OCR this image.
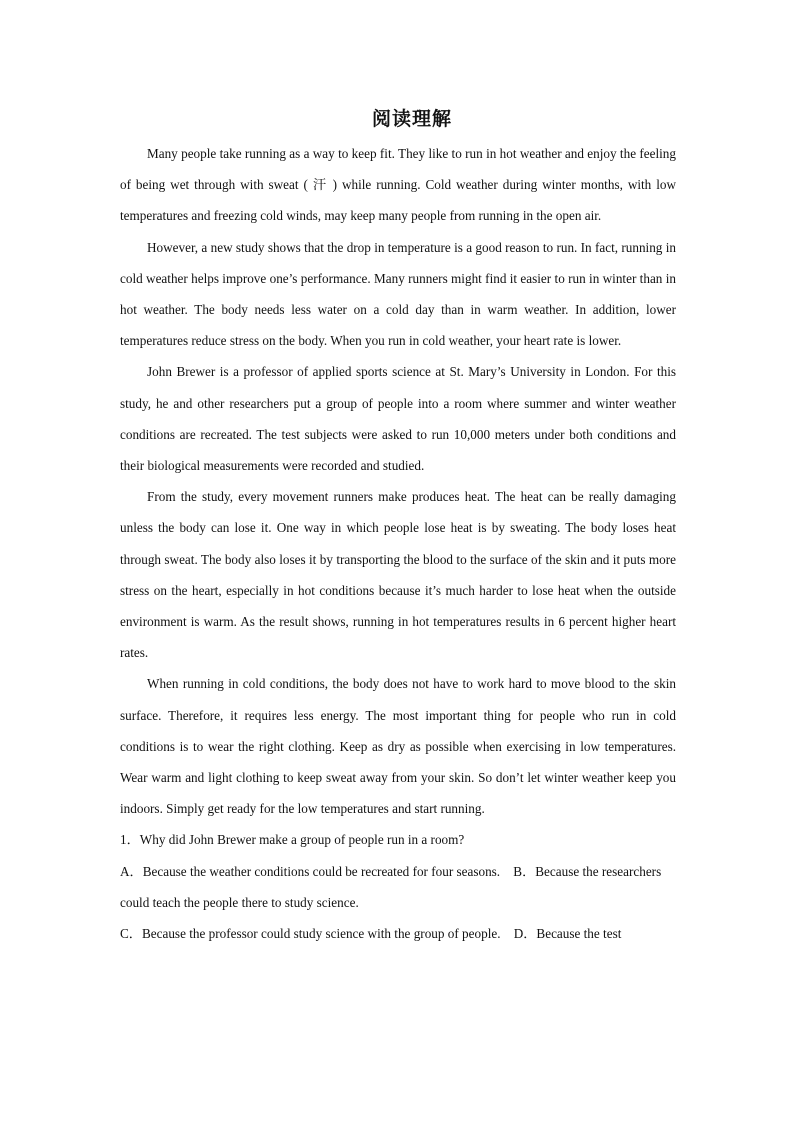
阅读理解

Many people take running as a way to keep fit. They like to run in hot weather and enjoy the feeling of being wet through with sweat ( 汗 ) while running. Cold weather during winter months, with low temperatures and freezing cold winds, may keep many people from running in the open air.

However, a new study shows that the drop in temperature is a good reason to run. In fact, running in cold weather helps improve one’s performance. Many runners might find it easier to run in winter than in hot weather. The body needs less water on a cold day than in warm weather. In addition, lower temperatures reduce stress on the body. When you run in cold weather, your heart rate is lower.

John Brewer is a professor of applied sports science at St. Mary’s University in London. For this study, he and other researchers put a group of people into a room where summer and winter weather conditions are recreated. The test subjects were asked to run 10,000 meters under both conditions and their biological measurements were recorded and studied.

From the study, every movement runners make produces heat. The heat can be really damaging unless the body can lose it. One way in which people lose heat is by sweating. The body loses heat through sweat. The body also loses it by transporting the blood to the surface of the skin and it puts more stress on the heart, especially in hot conditions because it’s much harder to lose heat when the outside environment is warm. As the result shows, running in hot temperatures results in 6 percent higher heart rates.

When running in cold conditions, the body does not have to work hard to move blood to the skin surface. Therefore, it requires less energy. The most important thing for people who run in cold conditions is to wear the right clothing. Keep as dry as possible when exercising in low temperatures. Wear warm and light clothing to keep sweat away from your skin. So don’t let winter weather keep you indoors. Simply get ready for the low temperatures and start running.

1．Why did John Brewer make a group of people run in a room?
A．Because the weather conditions could be recreated for four seasons. B．Because the researchers could teach the people there to study science.
C．Because the professor could study science with the group of people. D．Because the test
